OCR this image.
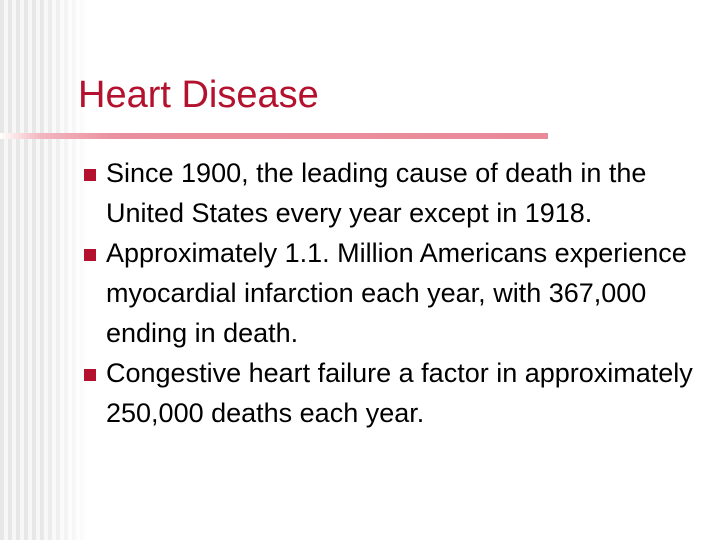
Heart Disease
Since 1900, the leading cause of death in the United States every year except in 1918.
Approximately 1.1. Million Americans experience myocardial infarction each year, with 367,000 ending in death.
Congestive heart failure a factor in approximately 250,000 deaths each year.
